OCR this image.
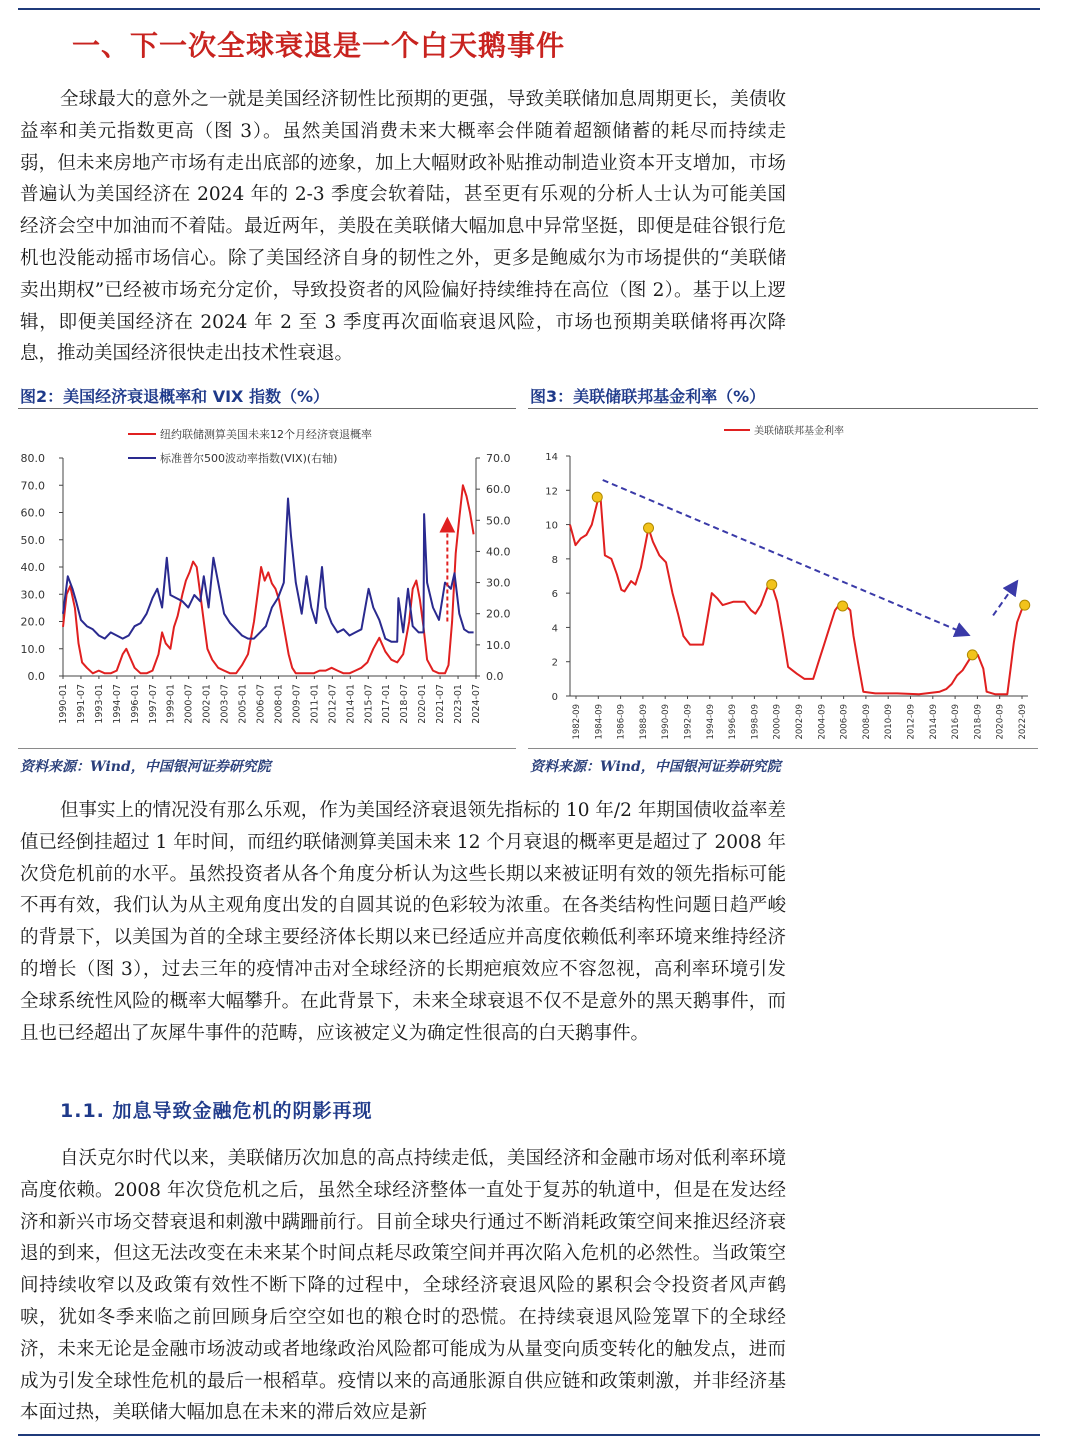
一、下一次全球衰退是一个白天鹅事件

全球最大的意外之一就是美国经济韧性比预期的更强，导致美联储加息周期更长，美债收益率和美元指数更高（图 3）。虽然美国消费未来大概率会伴随着超额储蓄的耗尽而持续走弱，但未来房地产市场有走出底部的迹象，加上大幅财政补贴推动制造业资本开支增加，市场普遍认为美国经济在 2024 年的 2-3 季度会软着陆，甚至更有乐观的分析人士认为可能美国经济会空中加油而不着陆。最近两年，美股在美联储大幅加息中异常坚挺，即便是硅谷银行危机也没能动摇市场信心。除了美国经济自身的韧性之外，更多是鲍威尔为市场提供的“美联储卖出期权”已经被市场充分定价，导致投资者的风险偏好持续维持在高位（图 2）。基于以上逻辑，即便美国经济在 2024 年 2 至 3 季度再次面临衰退风险，市场也预期美联储将再次降息，推动美国经济很快走出技术性衰退。

图2：美国经济衰退概率和 VIX 指数（%）
0.0
10.0
20.0
30.0
40.0
50.0
60.0
70.0
80.0
0.0
10.0
20.0
30.0
40.0
50.0
60.0
70.0
1990-01 1991-07 1993-01 1994-07 1996-01 1997-07 1999-01 2000-07 2002-01 2003-07 2005-01 2006-07 2008-01 2009-07 2011-01 2012-07 2014-01 2015-07 2017-01 2018-07 2020-01 2021-07 2023-01 2024-07
纽约联储测算美国未来12个月经济衰退概率
标准普尔500波动率指数(VIX)(右轴)
资料来源：Wind，中国银河证券研究院
图3：美联储联邦基金利率（%）
0
2
4
6
8
10
12
14
1982-09 1984-09 1986-09 1988-09 1990-09 1992-09 1994-09 1996-09 1998-09 2000-09 2002-09 2004-09 2006-09 2008-09 2010-09 2012-09 2014-09 2016-09 2018-09 2020-09 2022-09
美联储联邦基金利率
资料来源：Wind，中国银河证券研究院

但事实上的情况没有那么乐观，作为美国经济衰退领先指标的 10 年/2 年期国债收益率差值已经倒挂超过 1 年时间，而纽约联储测算美国未来 12 个月衰退的概率更是超过了 2008 年次贷危机前的水平。虽然投资者从各个角度分析认为这些长期以来被证明有效的领先指标可能不再有效，我们认为从主观角度出发的自圆其说的色彩较为浓重。在各类结构性问题日趋严峻的背景下，以美国为首的全球主要经济体长期以来已经适应并高度依赖低利率环境来维持经济的增长（图 3），过去三年的疫情冲击对全球经济的长期疤痕效应不容忽视，高利率环境引发全球系统性风险的概率大幅攀升。在此背景下，未来全球衰退不仅不是意外的黑天鹅事件，而且也已经超出了灰犀牛事件的范畴，应该被定义为确定性很高的白天鹅事件。

1.1. 加息导致金融危机的阴影再现

自沃克尔时代以来，美联储历次加息的高点持续走低，美国经济和金融市场对低利率环境高度依赖。2008 年次贷危机之后，虽然全球经济整体一直处于复苏的轨道中，但是在发达经济和新兴市场交替衰退和刺激中蹒跚前行。目前全球央行通过不断消耗政策空间来推迟经济衰退的到来，但这无法改变在未来某个时间点耗尽政策空间并再次陷入危机的必然性。当政策空间持续收窄以及政策有效性不断下降的过程中，全球经济衰退风险的累积会令投资者风声鹤唳，犹如冬季来临之前回顾身后空空如也的粮仓时的恐慌。在持续衰退风险笼罩下的全球经济，未来无论是金融市场波动或者地缘政治风险都可能成为从量变向质变转化的触发点，进而成为引发全球性危机的最后一根稻草。疫情以来的高通胀源自供应链和政策刺激，并非经济基本面过热，美联储大幅加息在未来的滞后效应是新
